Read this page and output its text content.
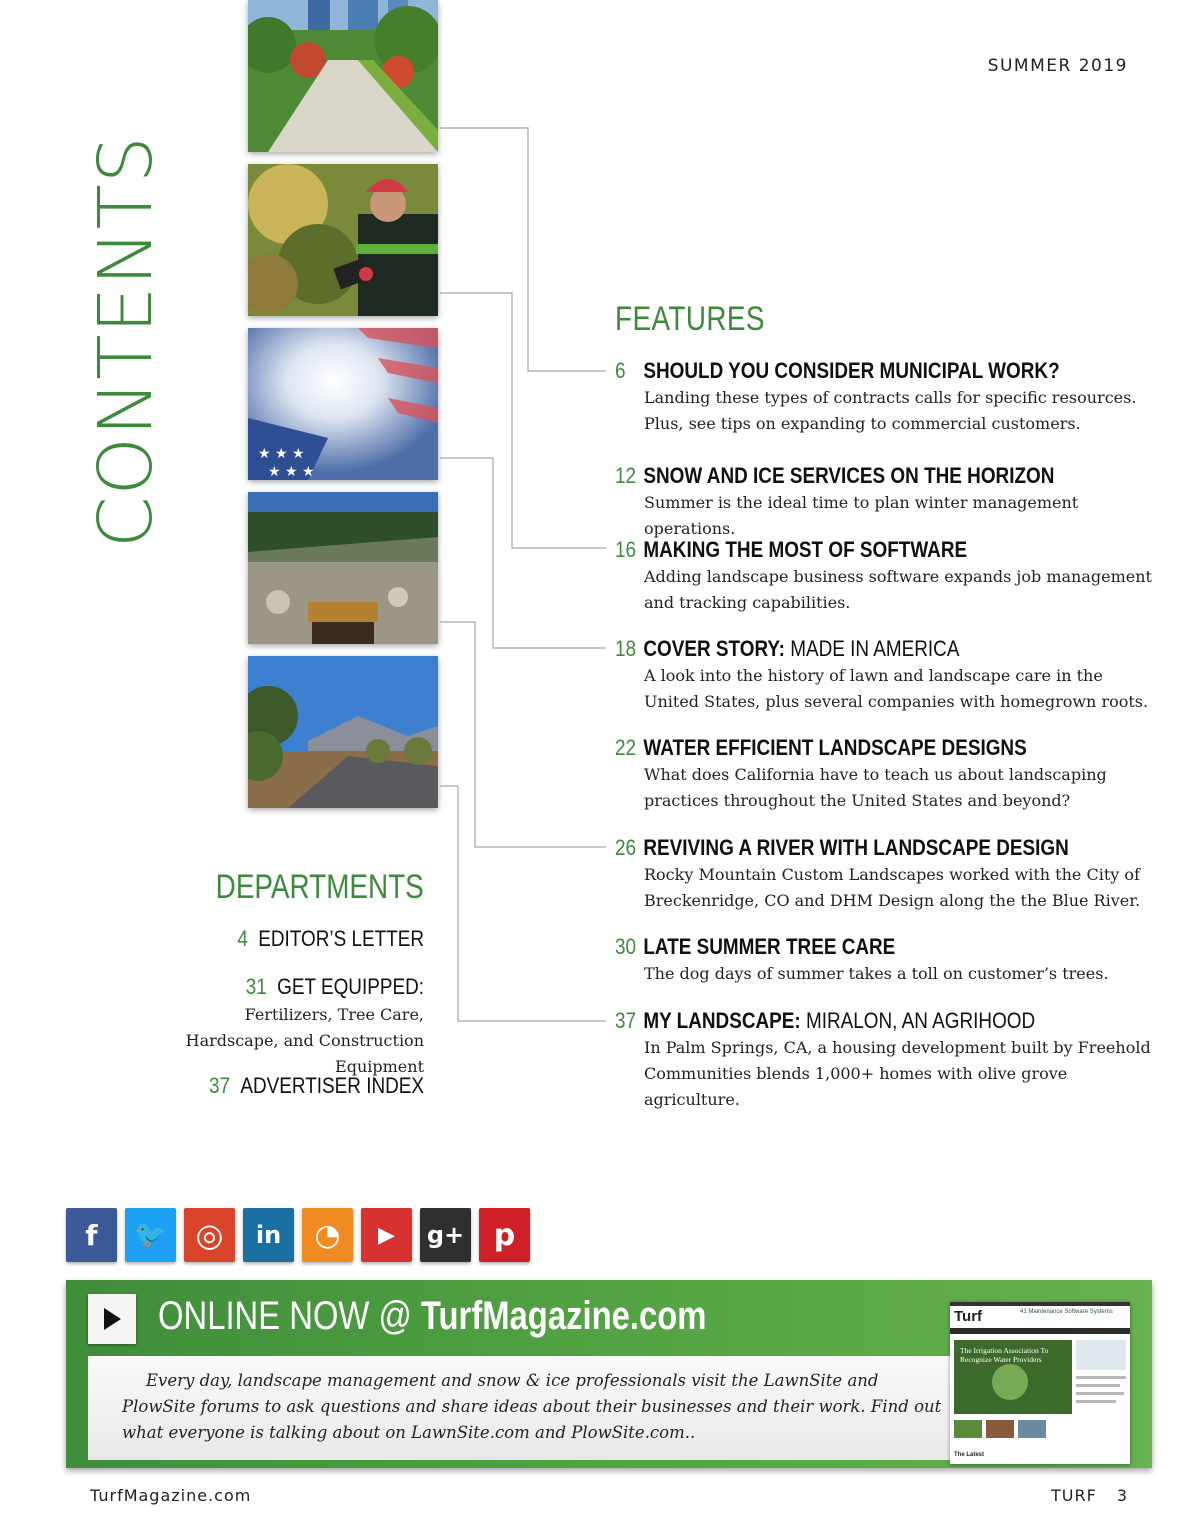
SUMMER 2019
CONTENTS	★ ★ ★
★ ★ ★
FEATURES
6 SHOULD YOU CONSIDER MUNICIPAL WORK?
Landing these types of contracts calls for specific resources. Plus, see tips on expanding to commercial customers.
12 SNOW AND ICE SERVICES ON THE HORIZON
Summer is the ideal time to plan winter management operations.
16 MAKING THE MOST OF SOFTWARE
Adding landscape business software expands job management and tracking capabilities.
18 COVER STORY: MADE IN AMERICA
A look into the history of lawn and landscape care in the United States, plus several companies with homegrown roots.
22 WATER EFFICIENT LANDSCAPE DESIGNS
What does California have to teach us about landscaping practices throughout the United States and beyond?
26 REVIVING A RIVER WITH LANDSCAPE DESIGN
Rocky Mountain Custom Landscapes worked with the City of Breckenridge, CO and DHM Design along the the Blue River.
30 LATE SUMMER TREE CARE
The dog days of summer takes a toll on customer’s trees.
37 MY LANDSCAPE: MIRALON, AN AGRIHOOD
In Palm Springs, CA, a housing development built by Freehold Communities blends 1,000+ homes with olive grove agriculture.
DEPARTMENTS
4 EDITOR’S LETTER
31 GET EQUIPPED:
Fertilizers, Tree Care, Hardscape, and Construction Equipment
37 ADVERTISER INDEX
f	🐦 ◎	in	◔	▶	g+ p
ONLINE NOW @ TurfMagazine.com
Every day, landscape management and snow & ice professionals visit the LawnSite and PlowSite forums to ask questions and share ideas about their businesses and their work. Find out what everyone is talking about on LawnSite.com and PlowSite.com..
Turf	41 Maintenance Software Systems
The Irrigation Association To Recognize Water Providers
The Latest
TurfMagazine.com	TURF 3
